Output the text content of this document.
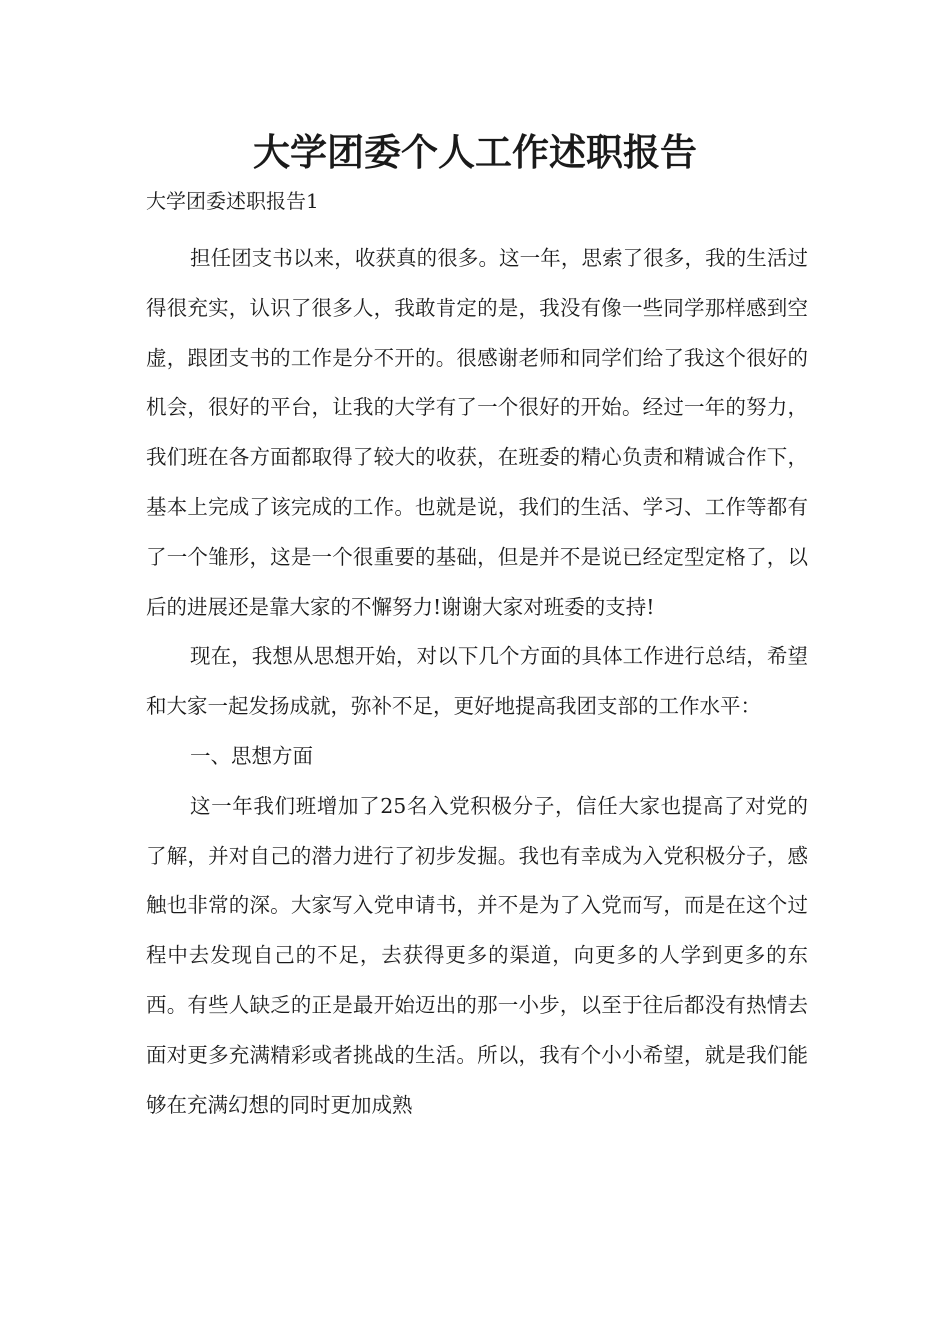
大学团委个人工作述职报告

大学团委述职报告1

担任团支书以来，收获真的很多。这一年，思索了很多，我的生活过得很充实，认识了很多人，我敢肯定的是，我没有像一些同学那样感到空虚，跟团支书的工作是分不开的。很感谢老师和同学们给了我这个很好的机会，很好的平台，让我的大学有了一个很好的开始。经过一年的努力，我们班在各方面都取得了较大的收获，在班委的精心负责和精诚合作下，基本上完成了该完成的工作。也就是说，我们的生活、学习、工作等都有了一个雏形，这是一个很重要的基础，但是并不是说已经定型定格了，以后的进展还是靠大家的不懈努力!谢谢大家对班委的支持!

现在，我想从思想开始，对以下几个方面的具体工作进行总结，希望和大家一起发扬成就，弥补不足，更好地提高我团支部的工作水平：

一、思想方面

这一年我们班增加了25名入党积极分子，信任大家也提高了对党的了解，并对自己的潜力进行了初步发掘。我也有幸成为入党积极分子，感触也非常的深。大家写入党申请书，并不是为了入党而写，而是在这个过程中去发现自己的不足，去获得更多的渠道，向更多的人学到更多的东西。有些人缺乏的正是最开始迈出的那一小步，以至于往后都没有热情去面对更多充满精彩或者挑战的生活。所以，我有个小小希望，就是我们能够在充满幻想的同时更加成熟
